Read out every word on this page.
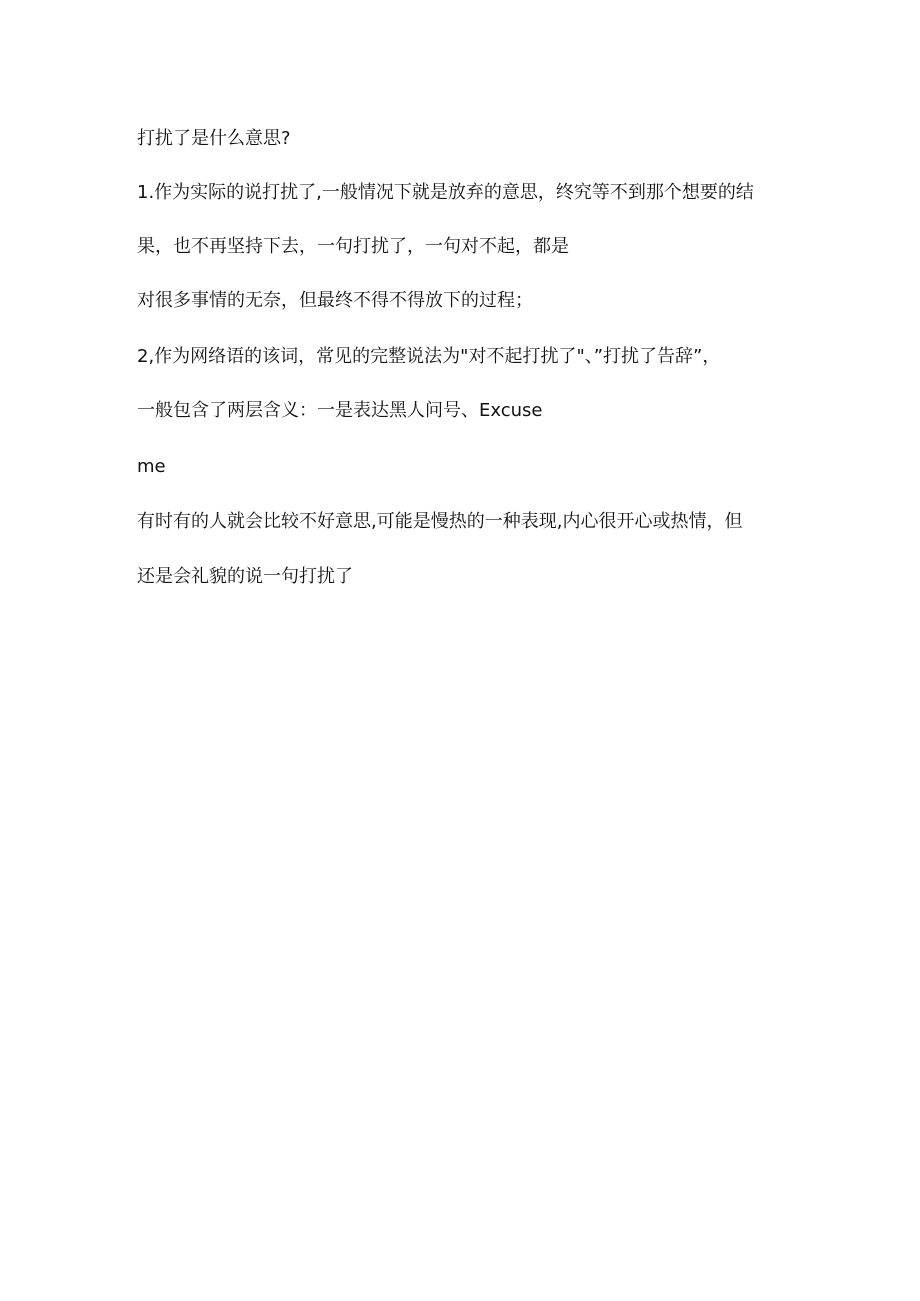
打扰了是什么意思?

1.作为实际的说打扰了,一般情况下就是放弃的意思，终究等不到那个想要的结

果，也不再坚持下去，一句打扰了，一句对不起，都是

对很多事情的无奈，但最终不得不得放下的过程；

2,作为网络语的该词，常见的完整说法为"对不起打扰了"、”打扰了告辞”，

一般包含了两层含义：一是表达黑人问号、Excuse

me

有时有的人就会比较不好意思,可能是慢热的一种表现,内心很开心或热情，但

还是会礼貌的说一句打扰了
